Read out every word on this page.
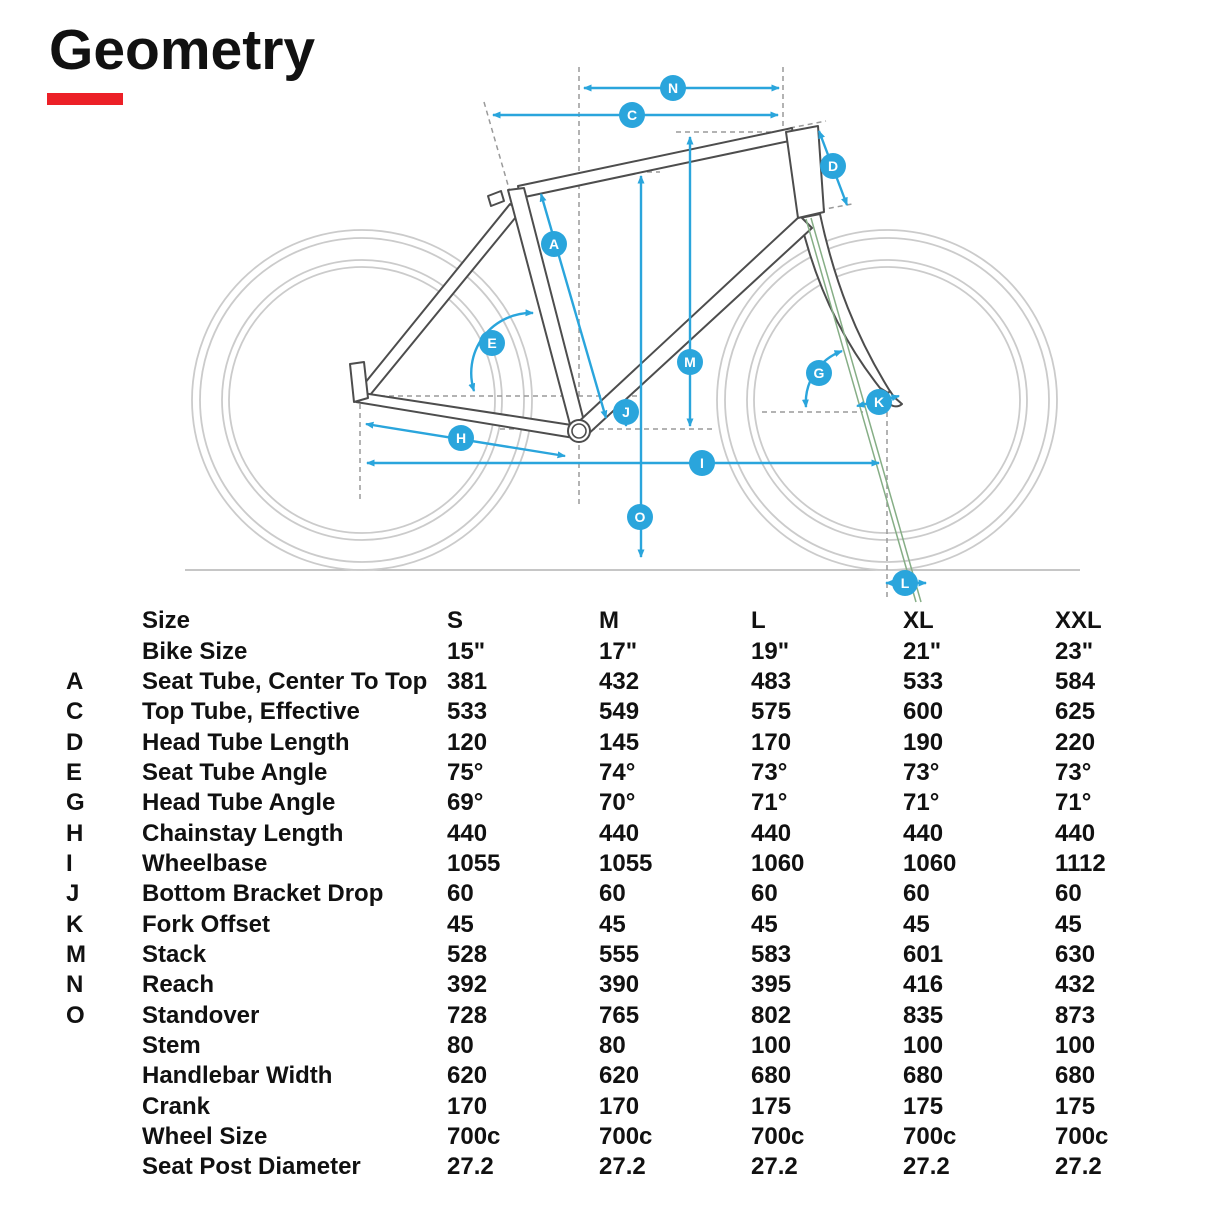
Geometry
N
C
A
D
E
G
H
I
J
K
L
M
O
Size	S	M	L	XL	XXL
Bike Size	15"	17"	19"	21"	23"
A	Seat Tube, Center To Top 381	432	483	533	584
C	Top Tube, Effective	533	549	575	600	625
D	Head Tube Length	120	145	170	190	220
E	Seat Tube Angle	75°	74°	73°	73°	73°
G	Head Tube Angle	69°	70°	71°	71°	71°
H	Chainstay Length	440	440	440	440	440
I	Wheelbase	1055	1055	1060	1060	1112
J	Bottom Bracket Drop	60	60	60	60	60
K	Fork Offset	45	45	45	45	45
M	Stack	528	555	583	601	630
N	Reach	392	390	395	416	432
O	Standover	728	765	802	835	873
Stem	80	80	100	100	100
Handlebar Width	620	620	680	680	680
Crank	170	170	175	175	175
Wheel Size	700c	700c	700c	700c	700c
Seat Post Diameter	27.2	27.2	27.2	27.2	27.2
